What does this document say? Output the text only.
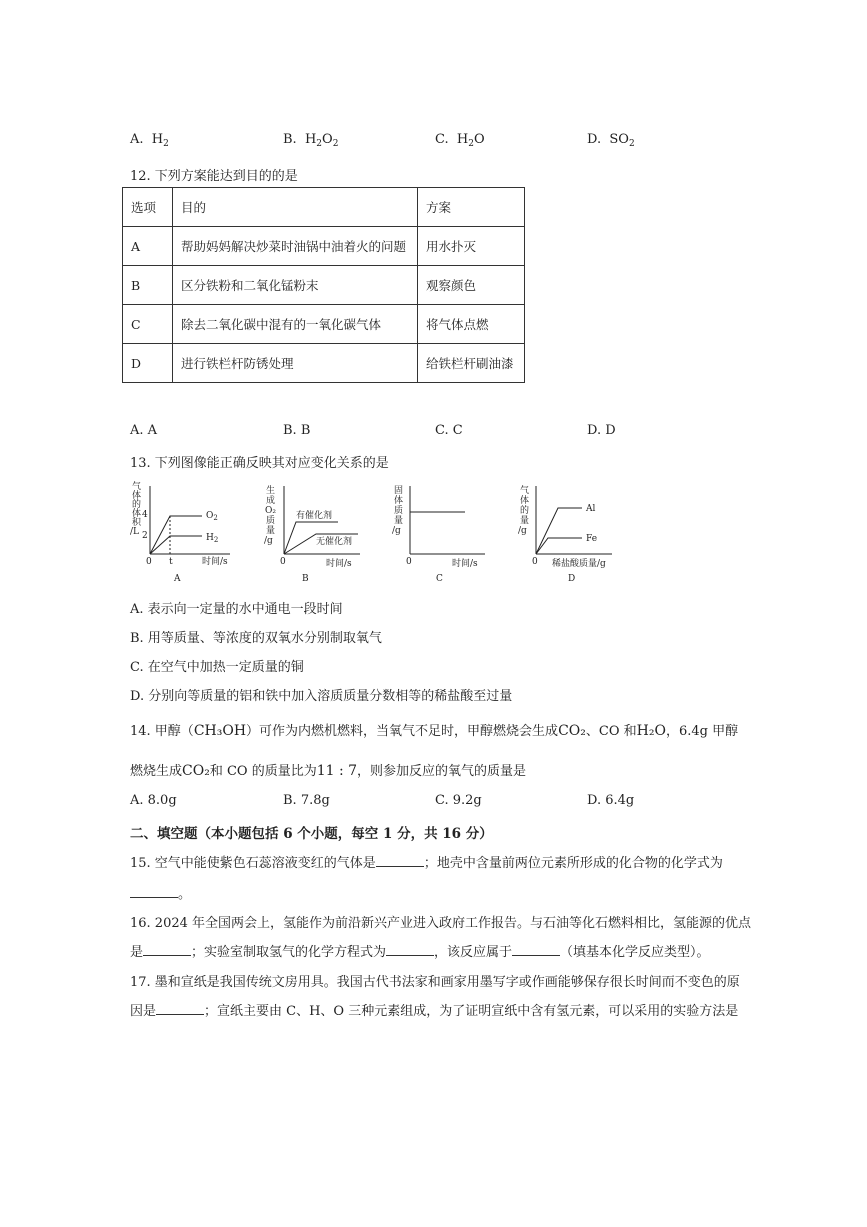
A. $H_2$	B. $H_2O_2$	C. $H_2O$	D. $SO_2$
12. 下列方案能达到目的的是
选项	目的	方案
A	帮助妈妈解决炒菜时油锅中油着火的问题	用水扑灭
B	区分铁粉和二氧化锰粉末	观察颜色
C	除去二氧化碳中混有的一氧化碳气体	将气体点燃
D	进行铁栏杆防锈处理	给铁栏杆刷油漆
A. A	B. B	C. C	D. D
13. 下列图像能正确反映其对应变化关系的是
气
体
的
体
积
/L
4
2
0 t	时间/s
$O_2$
$H_2$
A
生
成
O₂
质
量
/g
0	时间/s
有催化剂
无催化剂
B
固
体
质
量
/g
0	时间/s
C
气
体
的
量
/g
0 稀盐酸质量/g
Al
Fe
D
A. 表示向一定量的水中通电一段时间
B. 用等质量、等浓度的双氧水分别制取氧气
C. 在空气中加热一定质量的铜
D. 分别向等质量的铝和铁中加入溶质质量分数相等的稀盐酸至过量
14. 甲醇（CH₃OH）可作为内燃机燃料，当氧气不足时，甲醇燃烧会生成CO₂、CO 和H₂O，6.4g 甲醇
燃烧生成CO₂和 CO 的质量比为11 : 7，则参加反应的氧气的质量是
A. 8.0g	B. 7.8g	C. 9.2g	D. 6.4g
二、填空题（本小题包括 6 个小题，每空 1 分，共 16 分）
15. 空气中能使紫色石蕊溶液变红的气体是	；地壳中含量前两位元素所形成的化合物的化学式为
。
16. 2024 年全国两会上，氢能作为前沿新兴产业进入政府工作报告。与石油等化石燃料相比，氢能源的优点
是	；实验室制取氢气的化学方程式为	，该反应属于	（填基本化学反应类型）。
17. 墨和宣纸是我国传统文房用具。我国古代书法家和画家用墨写字或作画能够保存很长时间而不变色的原
因是	；宣纸主要由 C、H、O 三种元素组成，为了证明宣纸中含有氢元素，可以采用的实验方法是
